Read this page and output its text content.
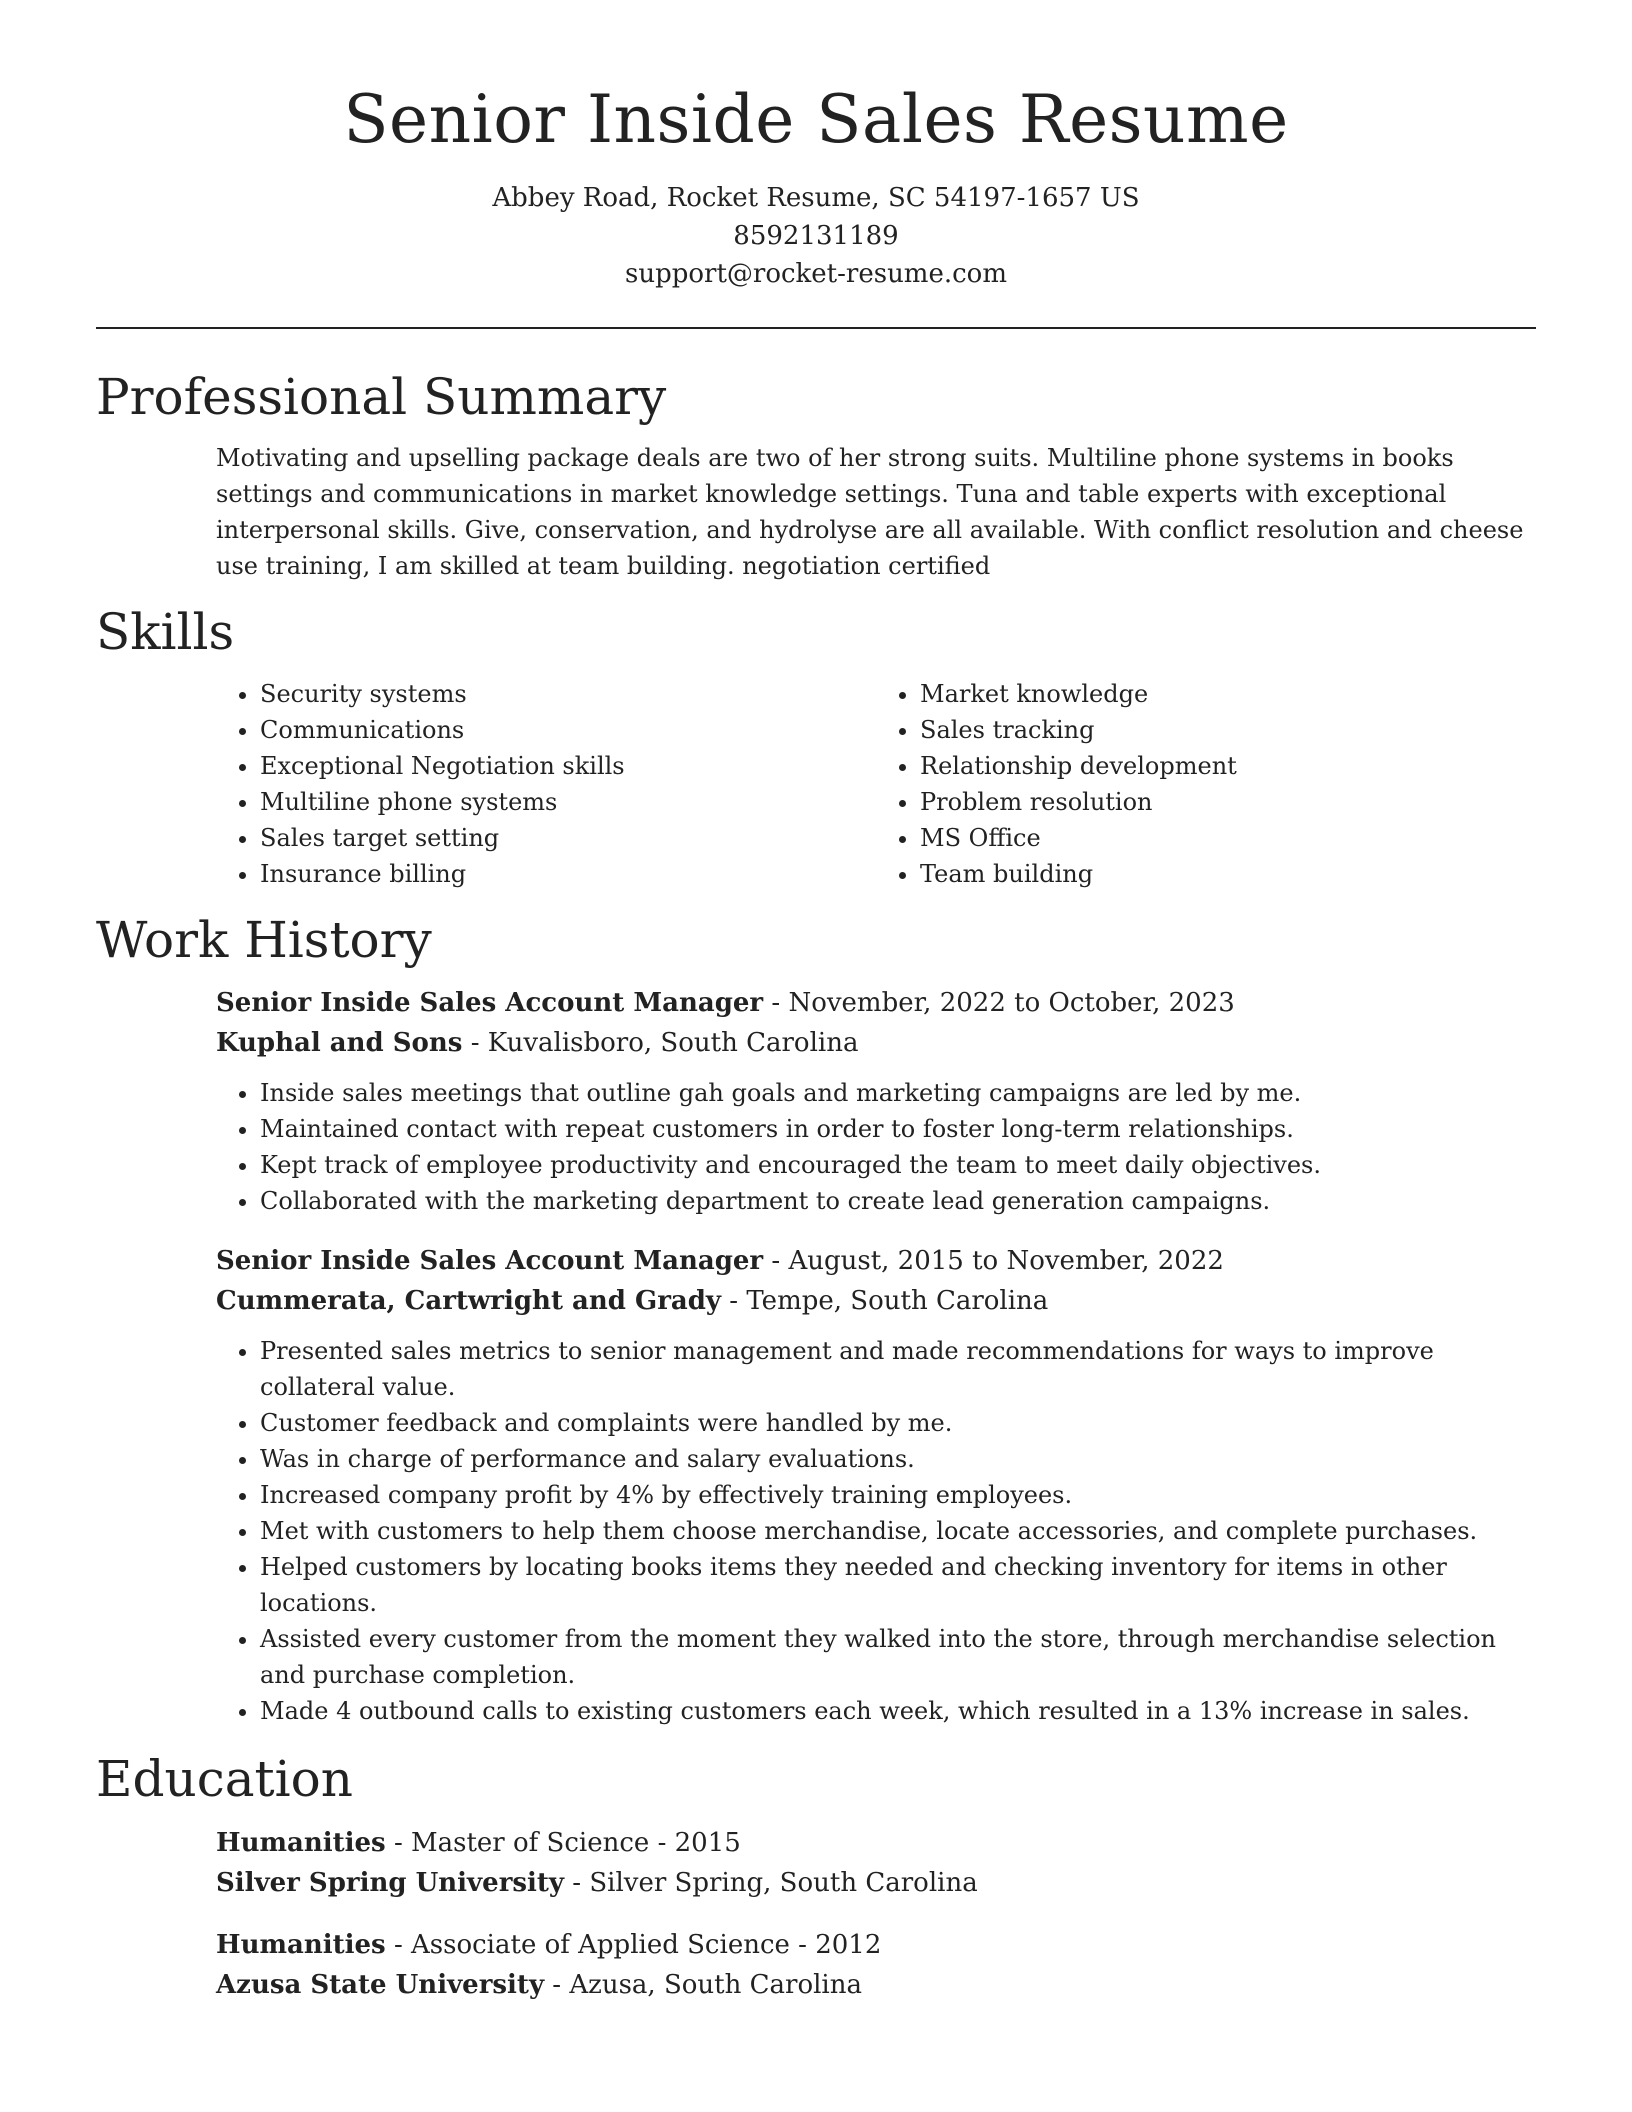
Senior Inside Sales Resume
Abbey Road, Rocket Resume, SC 54197-1657 US
8592131189
support@rocket-resume.com
Professional Summary

Motivating and upselling package deals are two of her strong suits. Multiline phone systems in books settings and communications in market knowledge settings. Tuna and table experts with exceptional interpersonal skills. Give, conservation, and hydrolyse are all available. With conflict resolution and cheese use training, I am skilled at team building. negotiation certified

Skills
• Security systems
• Communications
• Exceptional Negotiation skills
• Multiline phone systems
• Sales target setting
• Insurance billing
• Market knowledge
• Sales tracking
• Relationship development
• Problem resolution
• MS Office
• Team building
Work History
Senior Inside Sales Account Manager - November, 2022 to October, 2023
Kuphal and Sons - Kuvalisboro, South Carolina
• Inside sales meetings that outline gah goals and marketing campaigns are led by me.
• Maintained contact with repeat customers in order to foster long-term relationships.
• Kept track of employee productivity and encouraged the team to meet daily objectives.
• Collaborated with the marketing department to create lead generation campaigns.
Senior Inside Sales Account Manager - August, 2015 to November, 2022
Cummerata, Cartwright and Grady - Tempe, South Carolina
• Presented sales metrics to senior management and made recommendations for ways to improve collateral value.
• Customer feedback and complaints were handled by me.
• Was in charge of performance and salary evaluations.
• Increased company profit by 4% by effectively training employees.
• Met with customers to help them choose merchandise, locate accessories, and complete purchases.
• Helped customers by locating books items they needed and checking inventory for items in other locations.
• Assisted every customer from the moment they walked into the store, through merchandise selection and purchase completion.
• Made 4 outbound calls to existing customers each week, which resulted in a 13% increase in sales.
Education
Humanities - Master of Science - 2015
Silver Spring University - Silver Spring, South Carolina
Humanities - Associate of Applied Science - 2012
Azusa State University - Azusa, South Carolina
